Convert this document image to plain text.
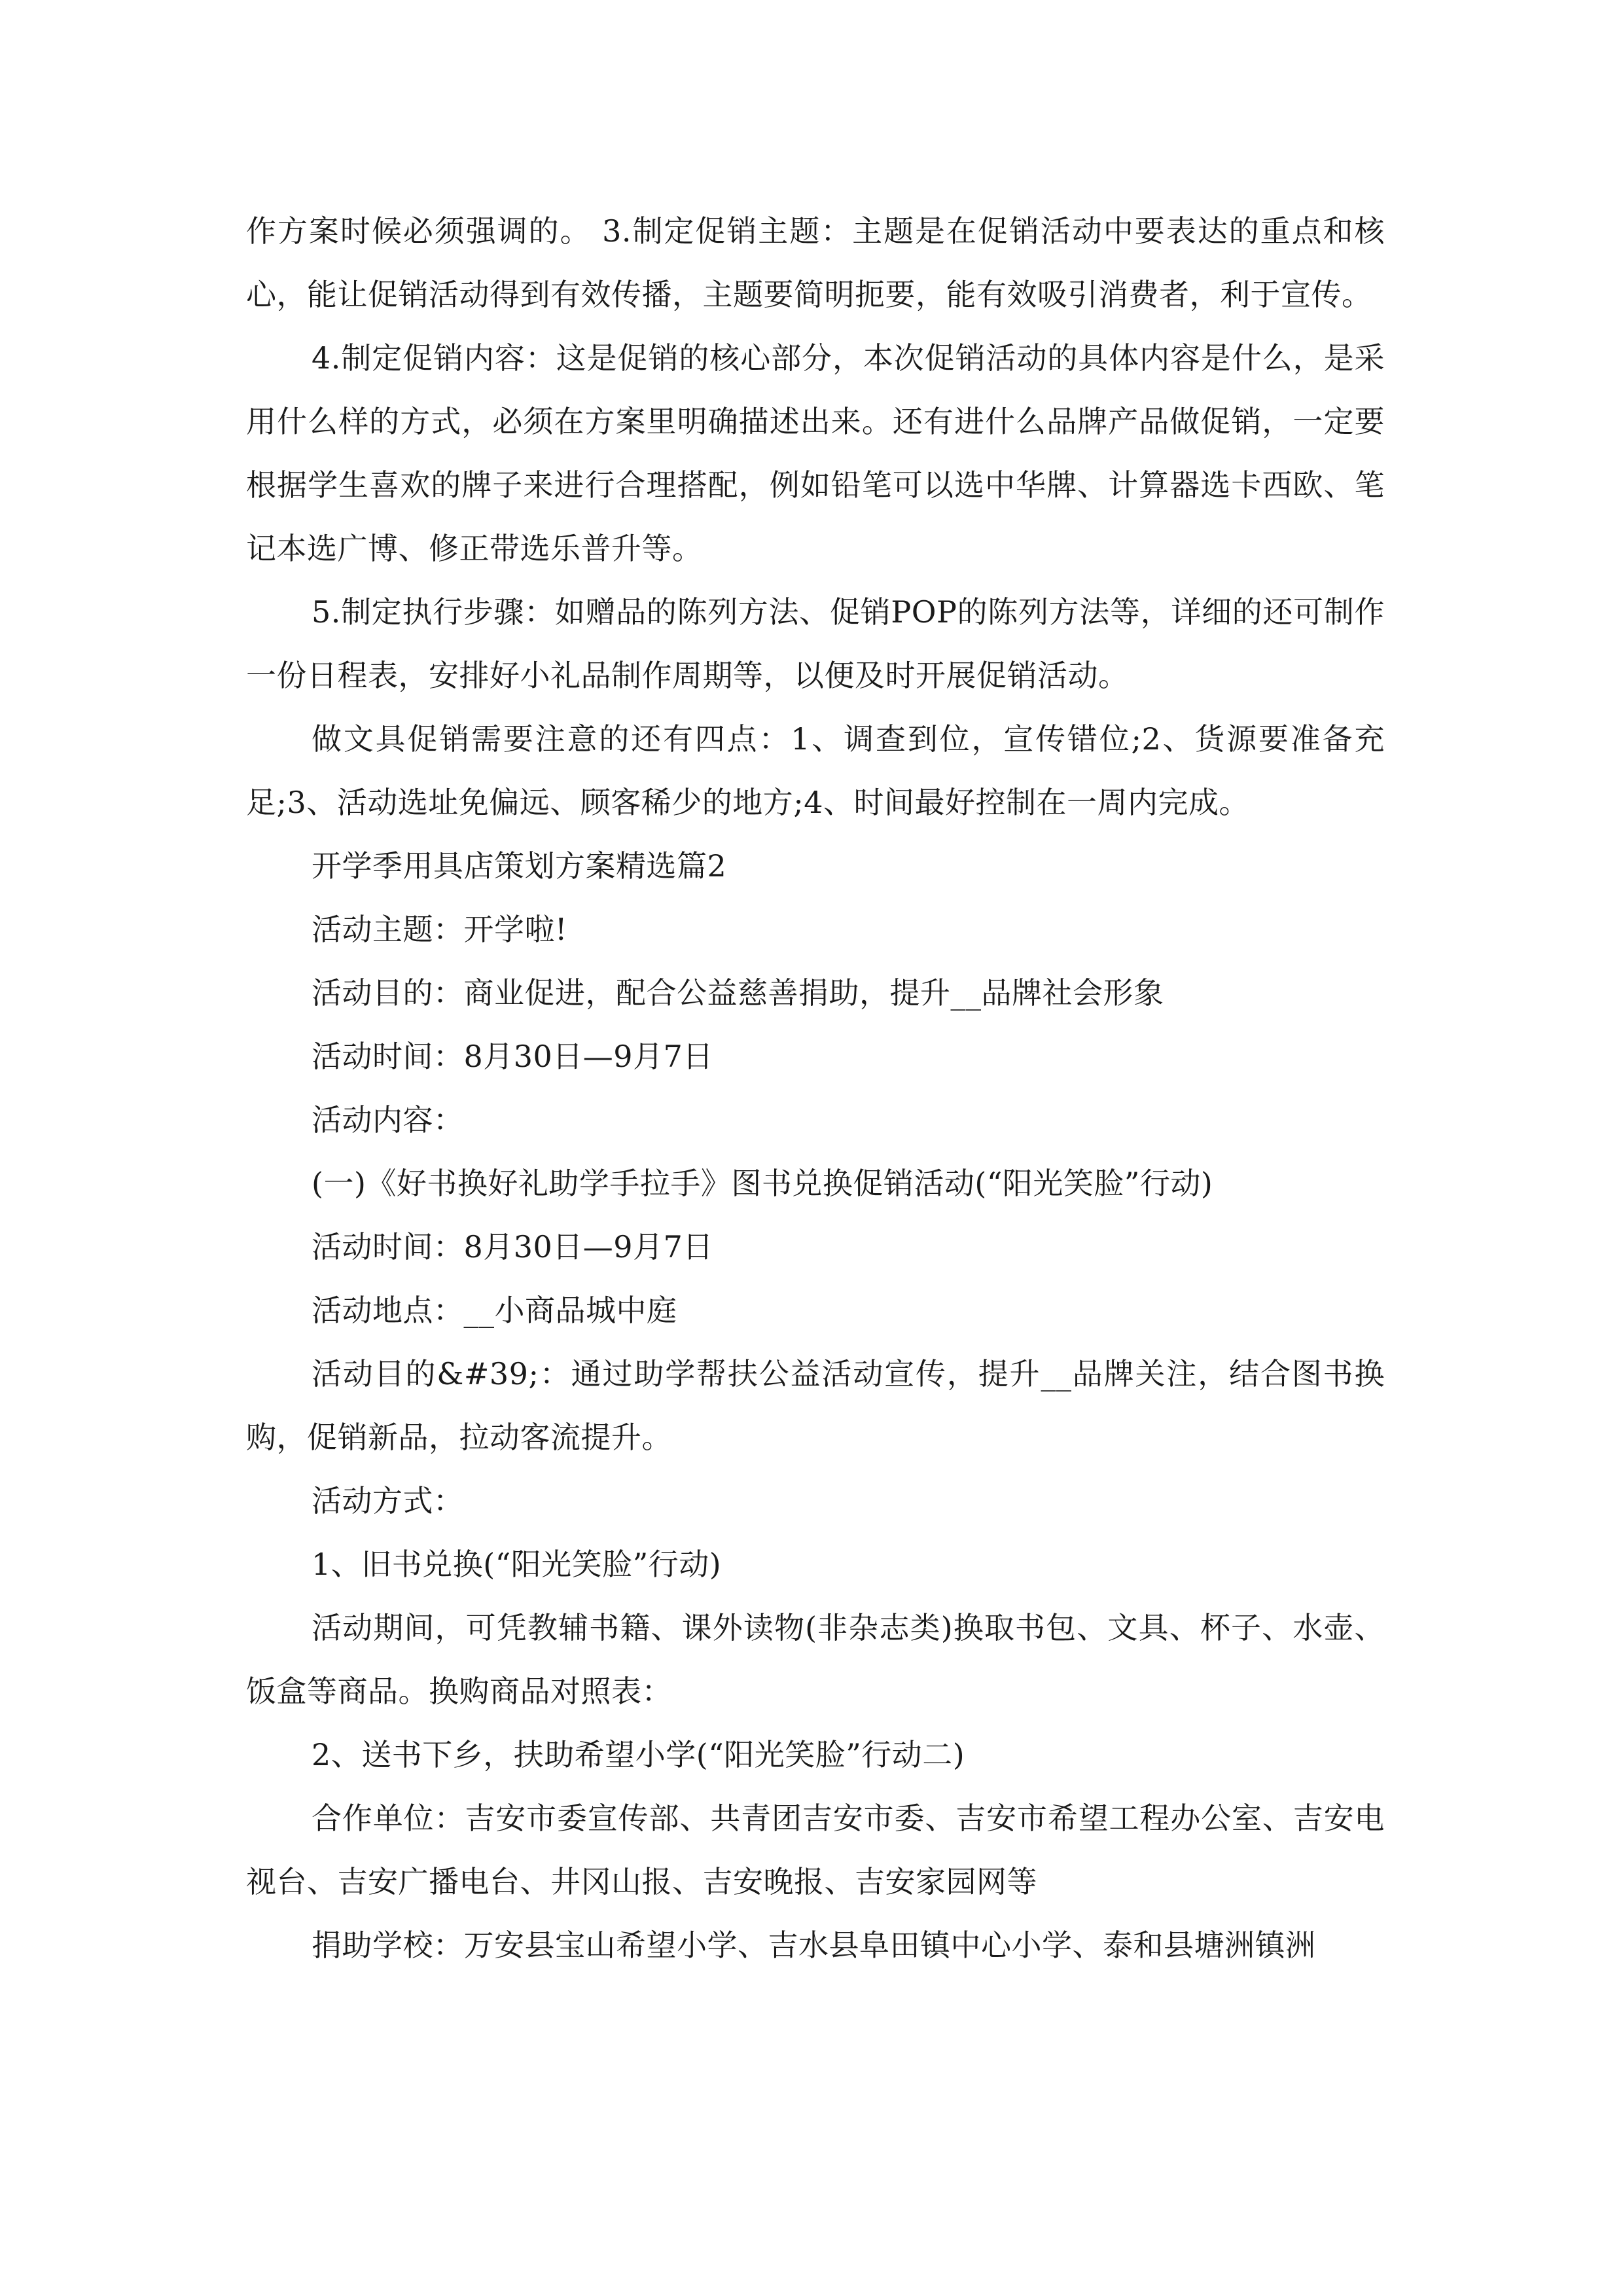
作方案时候必须强调的。 3.制定促销主题：主题是在促销活动中要表达的重点和核心，能让促销活动得到有效传播，主题要简明扼要，能有效吸引消费者，利于宣传。

4.制定促销内容：这是促销的核心部分，本次促销活动的具体内容是什么，是采用什么样的方式，必须在方案里明确描述出来。还有进什么品牌产品做促销，一定要根据学生喜欢的牌子来进行合理搭配，例如铅笔可以选中华牌、计算器选卡西欧、笔记本选广博、修正带选乐普升等。

5.制定执行步骤：如赠品的陈列方法、促销POP的陈列方法等，详细的还可制作一份日程表，安排好小礼品制作周期等，以便及时开展促销活动。

做文具促销需要注意的还有四点：1、调查到位，宣传错位;2、货源要准备充足;3、活动选址免偏远、顾客稀少的地方;4、时间最好控制在一周内完成。

开学季用具店策划方案精选篇2

活动主题：开学啦!

活动目的：商业促进，配合公益慈善捐助，提升__品牌社会形象

活动时间：8月30日—9月7日

活动内容：

(一)《好书换好礼助学手拉手》图书兑换促销活动(“阳光笑脸”行动)

活动时间：8月30日—9月7日

活动地点：__小商品城中庭

活动目的&#39;：通过助学帮扶公益活动宣传，提升__品牌关注，结合图书换购，促销新品，拉动客流提升。

活动方式：

1、旧书兑换(“阳光笑脸”行动)

活动期间，可凭教辅书籍、课外读物(非杂志类)换取书包、文具、杯子、水壶、饭盒等商品。换购商品对照表：

2、送书下乡，扶助希望小学(“阳光笑脸”行动二)

合作单位：吉安市委宣传部、共青团吉安市委、吉安市希望工程办公室、吉安电视台、吉安广播电台、井冈山报、吉安晚报、吉安家园网等

捐助学校：万安县宝山希望小学、吉水县阜田镇中心小学、泰和县塘洲镇洲
